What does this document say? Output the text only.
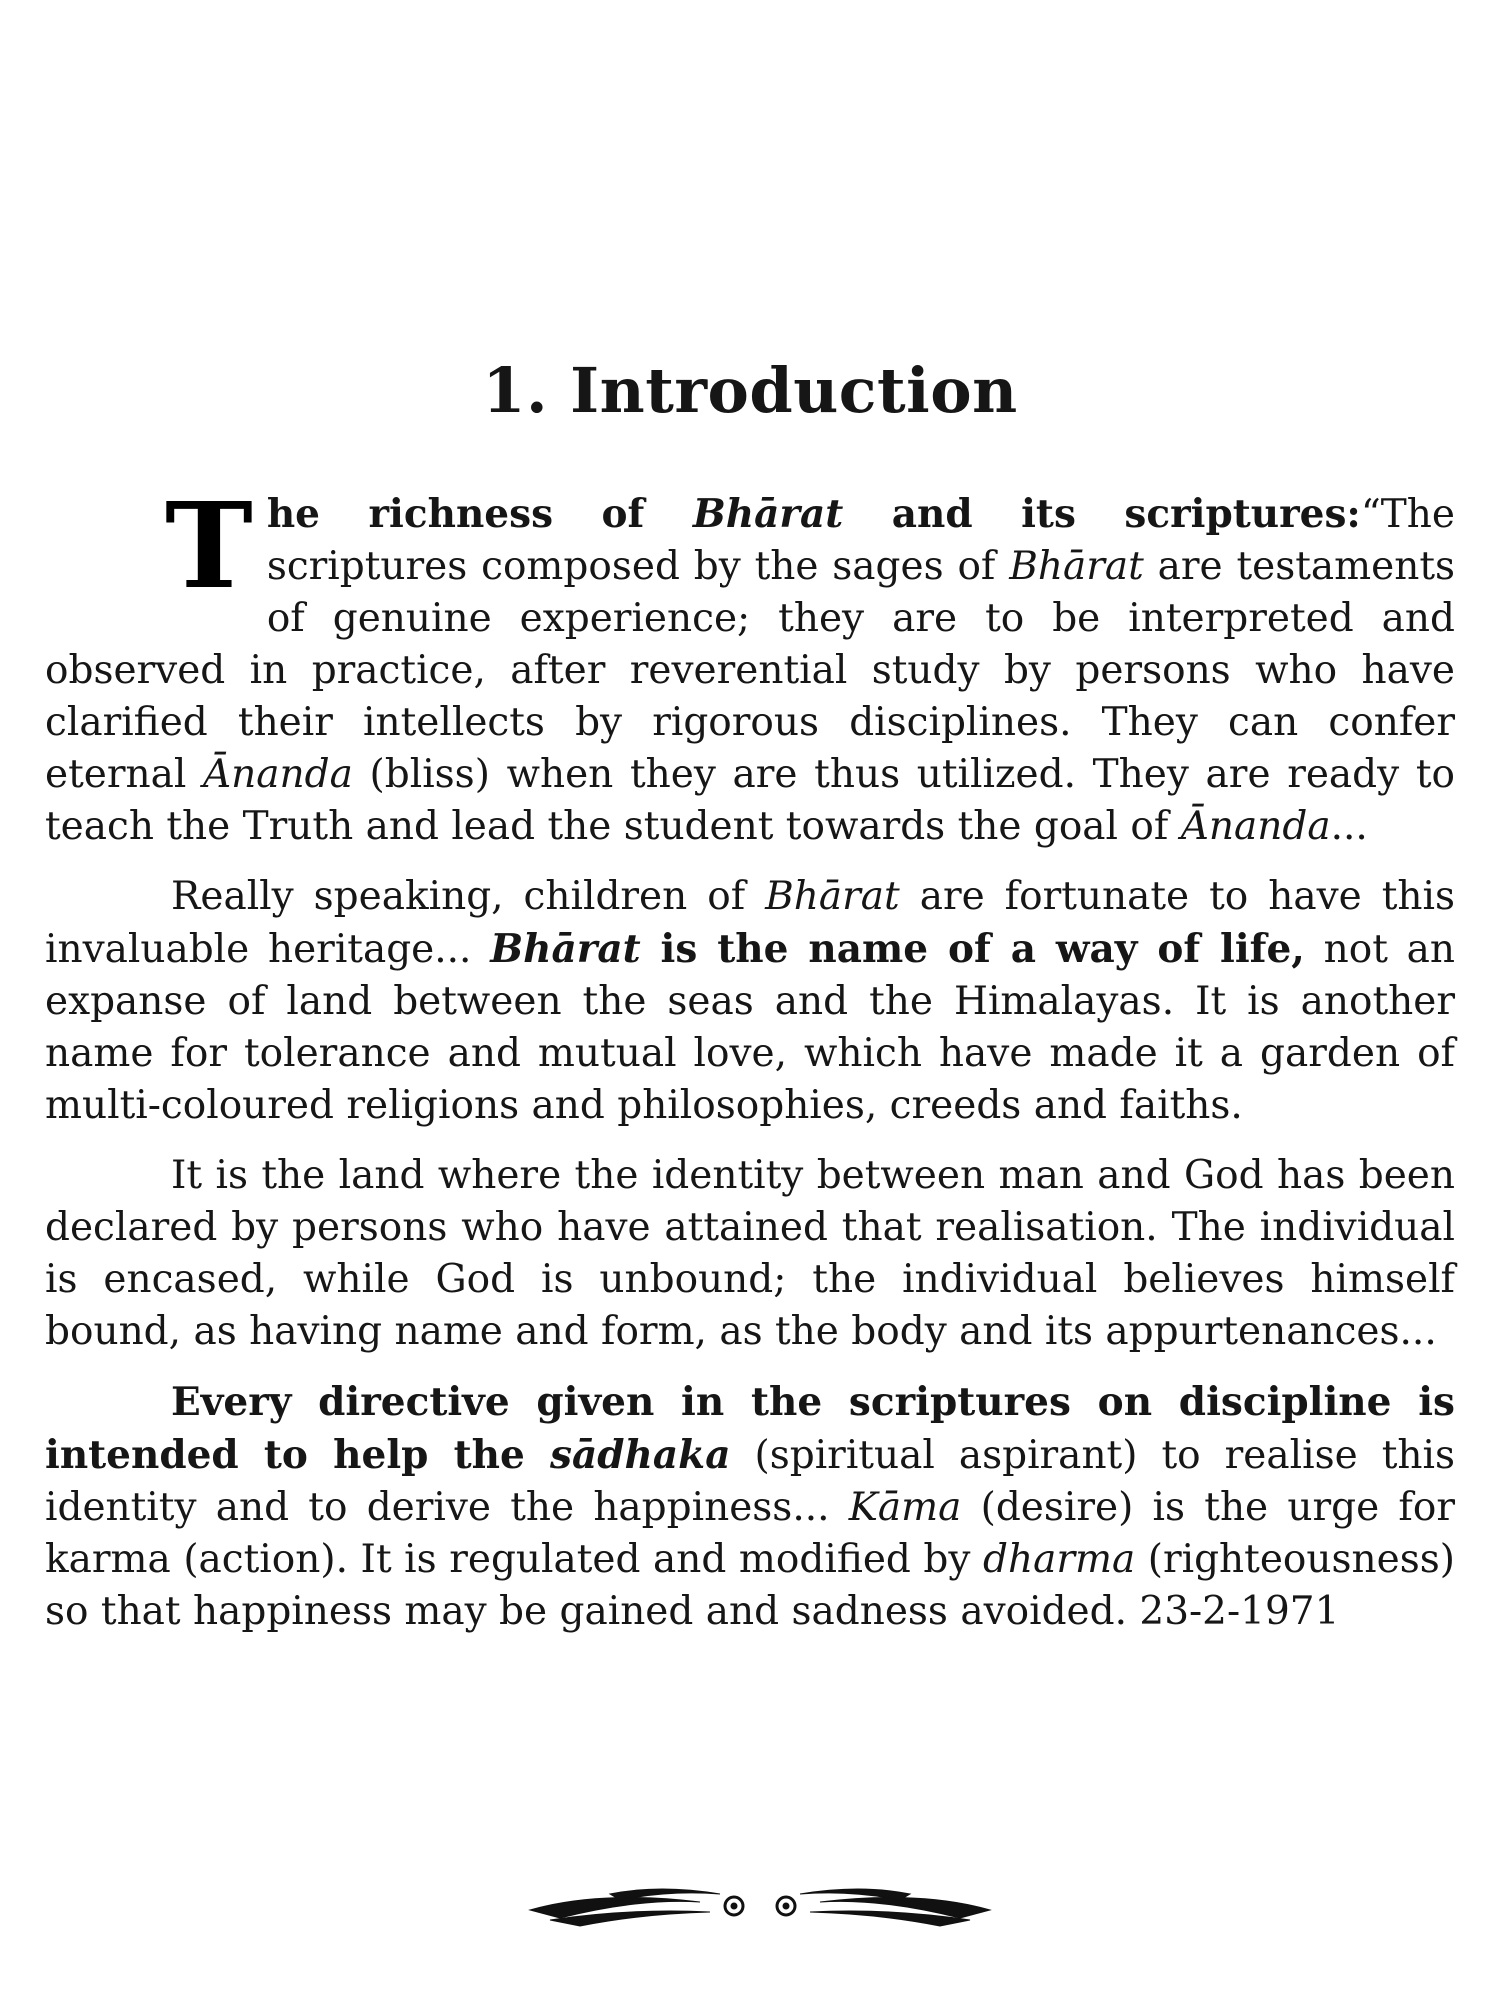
1. Introduction

The richness of Bhārat and its scriptures:“The scriptures composed by the sages of Bhārat are testaments of genuine experience; they are to be interpreted and observed in practice, after reverential study by persons who have clarified their intellects by rigorous disciplines. They can confer eternal Ānanda (bliss) when they are thus utilized. They are ready to teach the Truth and lead the student towards the goal of Ānanda...

Really speaking, children of Bhārat are fortunate to have this invaluable heritage... Bhārat is the name of a way of life, not an expanse of land between the seas and the Himalayas. It is another name for tolerance and mutual love, which have made it a garden of multi-coloured religions and philosophies, creeds and faiths.

It is the land where the identity between man and God has been declared by persons who have attained that realisation. The individual is encased, while God is unbound; the individual believes himself bound, as having name and form, as the body and its appurtenances...

Every directive given in the scriptures on discipline is intended to help the sādhaka (spiritual aspirant) to realise this identity and to derive the happiness... Kāma (desire) is the urge for karma (action). It is regulated and modified by dharma (righteousness) so that happiness may be gained and sadness avoided. 23-2-1971
